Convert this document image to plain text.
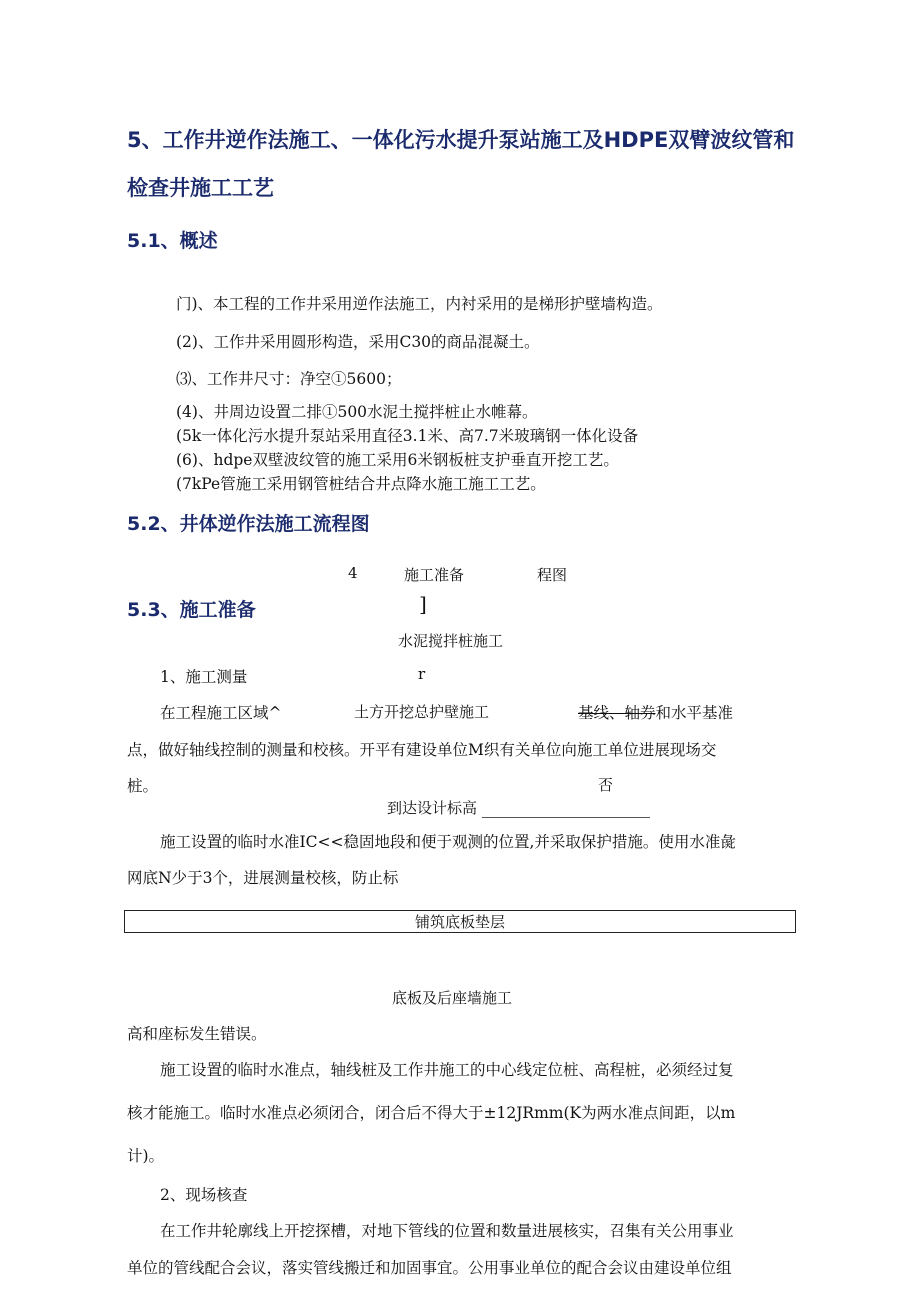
5、工作井逆作法施工、一体化污水提升泵站施工及HDPE双臂波纹管和
检查井施工工艺
5.1、概述
门)、本工程的工作井采用逆作法施工，内衬采用的是梯形护壁墙构造。
(2)、工作井采用圆形构造，采用C30的商品混凝土。
⑶、工作井尺寸：净空①5600；
(4)、井周边设置二排①500水泥土搅拌桩止水帷幕。
(5k一体化污水提升泵站采用直径3.1米、高7.7米玻璃钢一体化设备
(6)、hdpe双壁波纹管的施工采用6米钢板桩支护垂直开挖工艺。
(7kPe管施工采用钢管桩结合井点降水施工施工工艺。
5.2、井体逆作法施工流程图
4	施工准备	程图
5.3、施工准备	]
水泥搅拌桩施工
1、施工测量	r
在工程施工区域^	土方开挖总护壁施工	基线、轴券和水平基准
点，做好轴线控制的测量和校核。开平有建设单位M织有关单位向施工单位进展现场交
桩。	否
到达设计标高
施工设置的临时水准IC<<稳固地段和便于观测的位置,并采取保护措施。使用水准彘
网底N少于3个，进展测量校核，防止标
铺筑底板垫层
底板及后座墙施工
高和座标发生错误。
施工设置的临时水准点，轴线桩及工作井施工的中心线定位桩、高程桩，必须经过复
核才能施工。临时水准点必须闭合，闭合后不得大于±12JRmm(K为两水准点间距，以m
计)。
2、现场核查
在工作井轮廓线上开挖探槽，对地下管线的位置和数量进展核实，召集有关公用事业
单位的管线配合会议，落实管线搬迁和加固事宜。公用事业单位的配合会议由建设单位组
